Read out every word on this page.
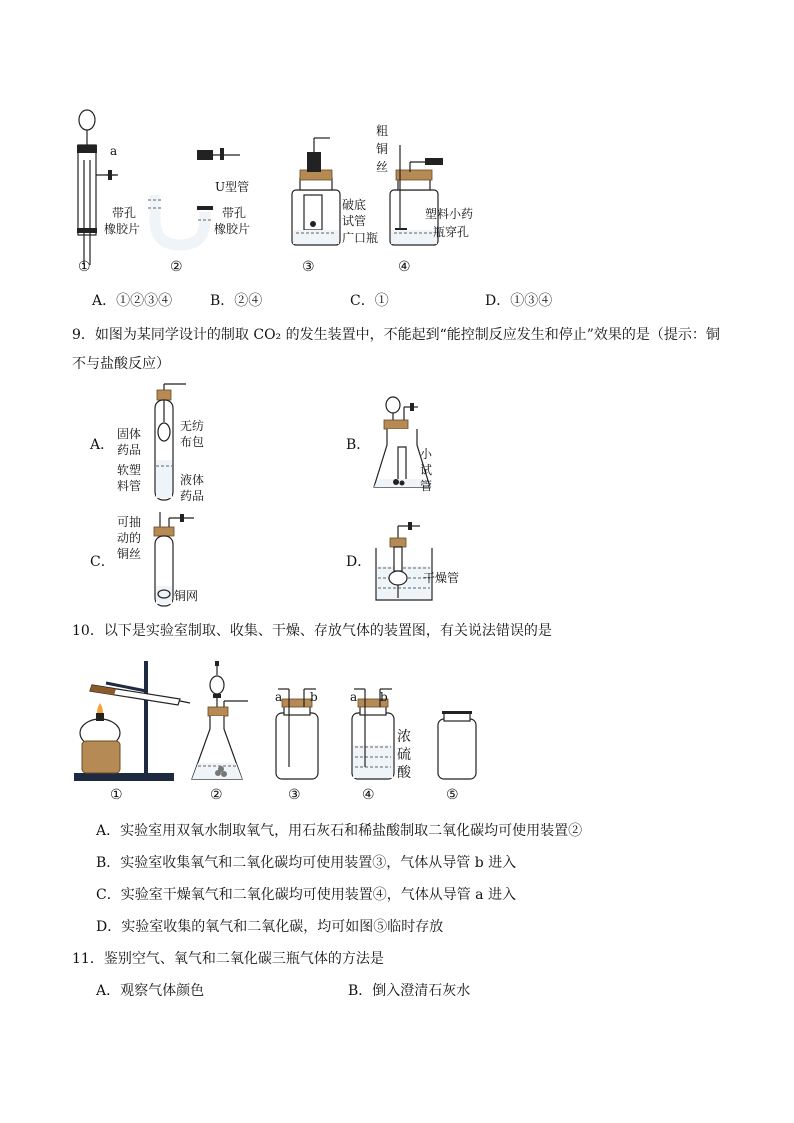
a
带孔
橡胶片
U型管
带孔
橡胶片
破底
试管
广口瓶
粗
铜
丝
塑料小药
瓶穿孔
①	②	③	④
A．①②③④	B．②④	C．①	D．①③④
9．如图为某同学设计的制取 CO₂ 的发生装置中，不能起到“能控制反应发生和停止”效果的是（提示：铜
不与盐酸反应）
A．
固体
药品
软塑
料管
无纺
布包
液体
药品
B．
小
试
管
C．
可抽
动的
铜丝
铜网
D．
干燥管
10．以下是实验室制取、收集、干燥、存放气体的装置图，有关说法错误的是
a b	a b
浓
硫
酸
①	②	③	④	⑤
A．实验室用双氧水制取氧气，用石灰石和稀盐酸制取二氧化碳均可使用装置②
B．实验室收集氧气和二氧化碳均可使用装置③，气体从导管 b 进入
C．实验室干燥氧气和二氧化碳均可使用装置④，气体从导管 a 进入
D．实验室收集的氧气和二氧化碳，均可如图⑤临时存放
11．鉴别空气、氧气和二氧化碳三瓶气体的方法是
A．观察气体颜色	B．倒入澄清石灰水
